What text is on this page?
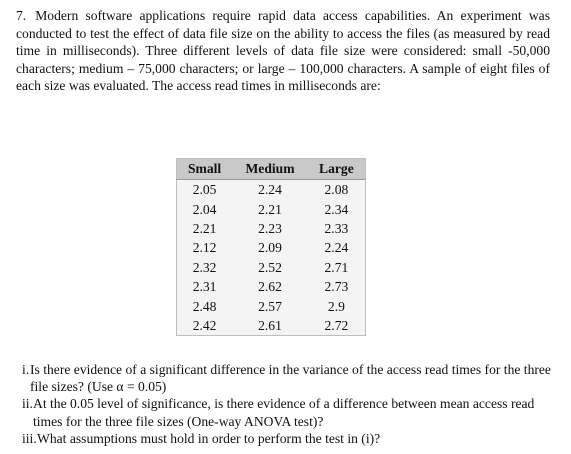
7. Modern software applications require rapid data access capabilities. An experiment was conducted to test the effect of data file size on the ability to access the files (as measured by read time in milliseconds). Three different levels of data file size were considered: small -50,000 characters; medium – 75,000 characters; or large – 100,000 characters. A sample of eight files of each size was evaluated. The access read times in milliseconds are:
Small	Medium	Large
2.05	2.24	2.08
2.04	2.21	2.34
2.21	2.23	2.33
2.12	2.09	2.24
2.32	2.52	2.71
2.31	2.62	2.73
2.48	2.57	2.9
2.42	2.61	2.72
i. Is there evidence of a significant difference in the variance of the access read times for the three file sizes? (Use α = 0.05)
ii. At the 0.05 level of significance, is there evidence of a difference between mean access read times for the three file sizes (One-way ANOVA test)?
iii. What assumptions must hold in order to perform the test in (i)?
